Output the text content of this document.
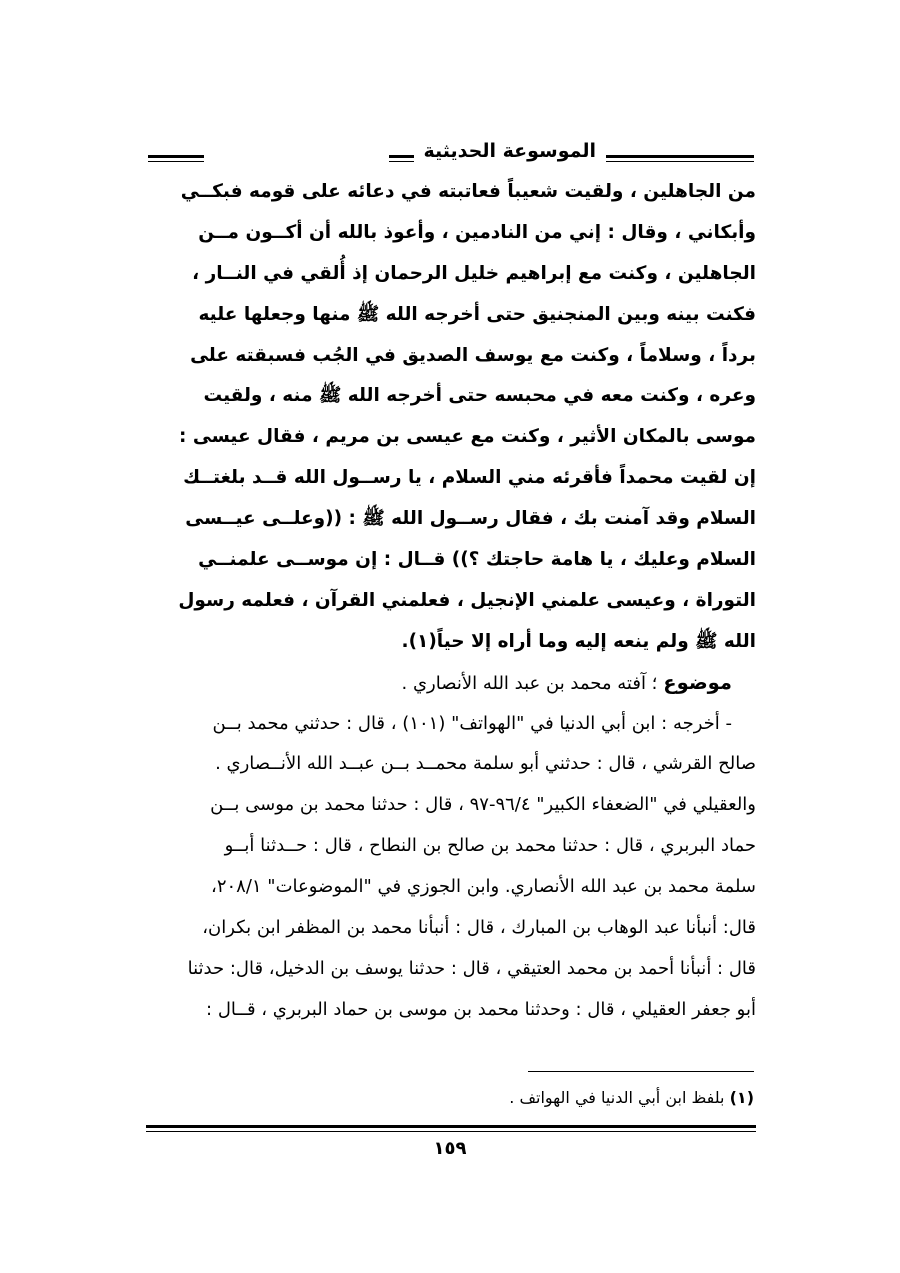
الموسوعة الحديثية
من الجاهلين ، ولقيت شعيباً فعاتبته في دعائه على قومه فبكــي
وأبكاني ، وقال : إني من النادمين ، وأعوذ بالله أن أكــون مــن
الجاهلين ، وكنت مع إبراهيم خليل الرحمان إذ أُلقي في النــار ،
فكنت بينه وبين المنجنيق حتى أخرجه الله ﷺ منها وجعلها عليه
برداً ، وسلاماً ، وكنت مع يوسف الصديق في الجُب فسبقته على
وعره ، وكنت معه في محبسه حتى أخرجه الله ﷺ منه ، ولقيت
موسى بالمكان الأثير ، وكنت مع عيسى بن مريم ، فقال عيسى :
إن لقيت محمداً فأقرئه مني السلام ، يا رســول الله قــد بلغتــك
السلام وقد آمنت بك ، فقال رســول الله ﷺ : ((وعلــى عيــسى
السلام وعليك ، يا هامة حاجتك ؟)) قــال : إن موســى علمنــي
التوراة ، وعيسى علمني الإنجيل ، فعلمني القرآن ، فعلمه رسول
الله ﷺ ولم ينعه إليه وما أراه إلا حياً(١).
موضوع ؛ آفته محمد بن عبد الله الأنصاري .
- أخرجه : ابن أبي الدنيا في "الهواتف" (١٠١) ، قال : حدثني محمد بــن
صالح القرشي ، قال : حدثني أبو سلمة محمــد بــن عبــد الله الأنــصاري .
والعقيلي في "الضعفاء الكبير" ٩٦/٤-٩٧ ، قال : حدثنا محمد بن موسى بــن
حماد البربري ، قال : حدثنا محمد بن صالح بن النطاح ، قال : حــدثنا أبــو
سلمة محمد بن عبد الله الأنصاري. وابن الجوزي في "الموضوعات" ٢٠٨/١،
قال: أنبأنا عبد الوهاب بن المبارك ، قال : أنبأنا محمد بن المظفر ابن بكران،
قال : أنبأنا أحمد بن محمد العتيقي ، قال : حدثنا يوسف بن الدخيل، قال: حدثنا
أبو جعفر العقيلي ، قال : وحدثنا محمد بن موسى بن حماد البربري ، قــال :
(١) بلفظ ابن أبي الدنيا في الهواتف .
١٥٩
